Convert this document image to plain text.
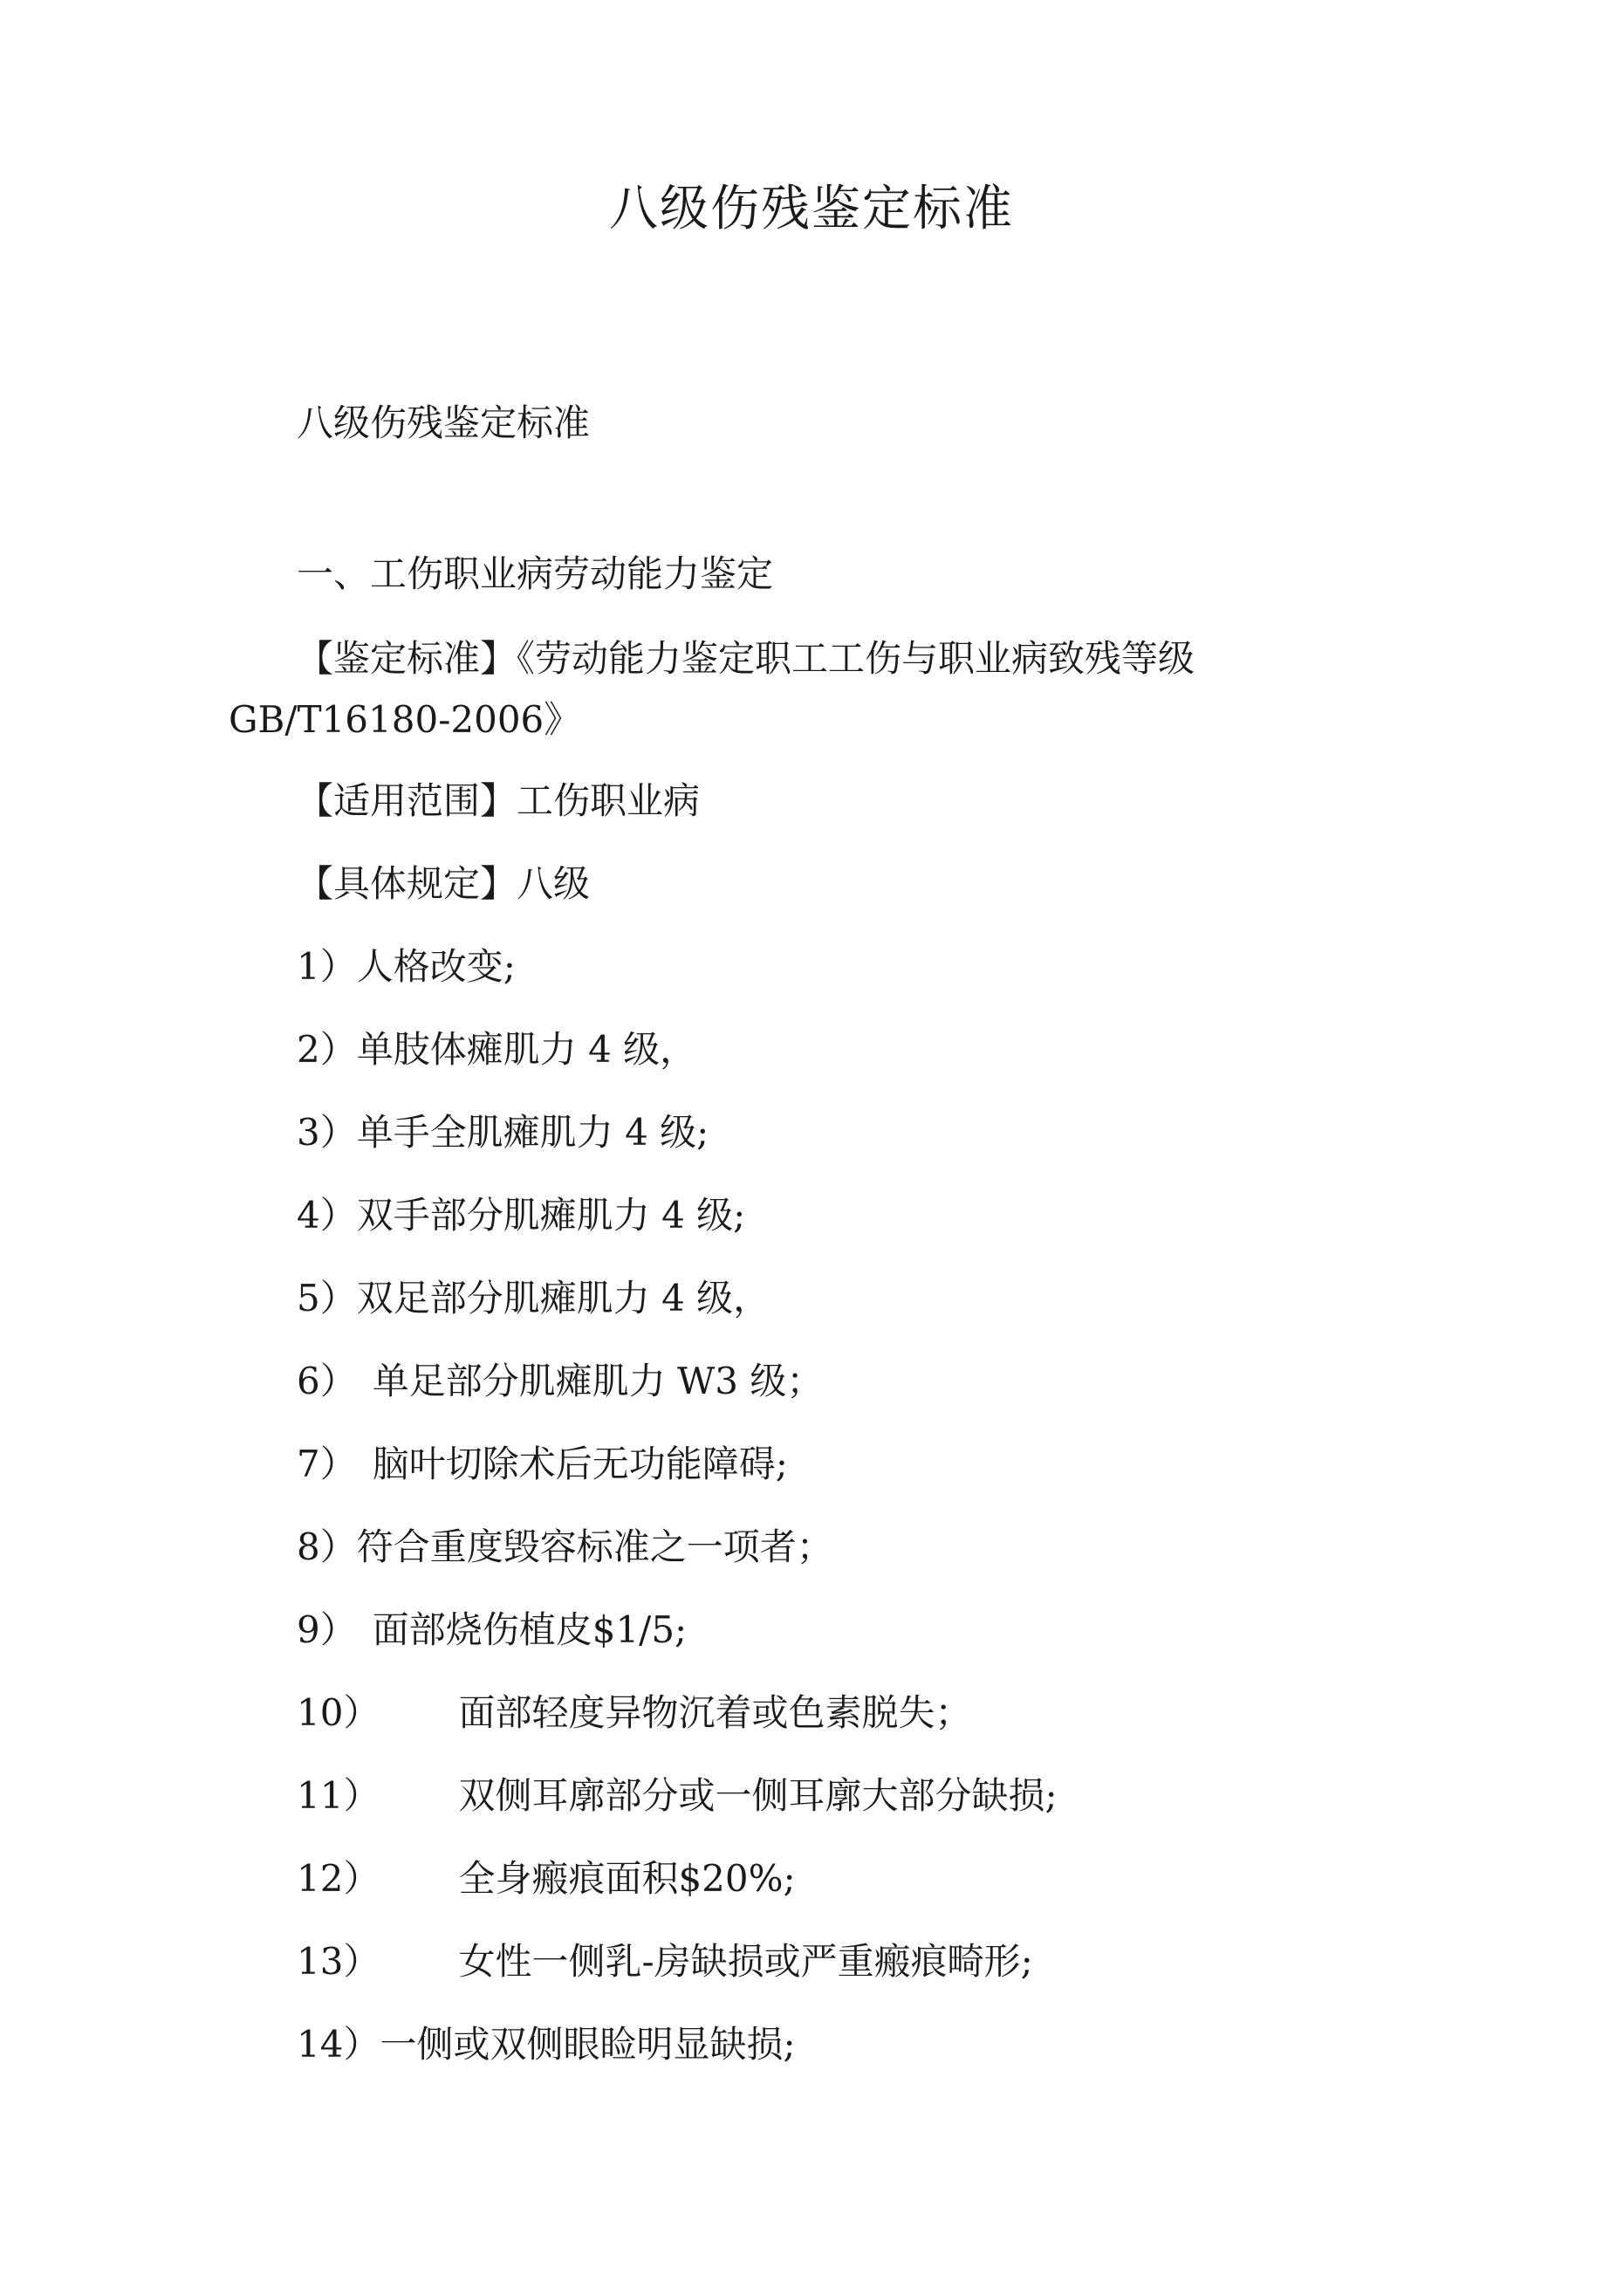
八级伤残鉴定标准
八级伤残鉴定标准
一、工伤职业病劳动能力鉴定
【鉴定标准】《劳动能力鉴定职工工伤与职业病致残等级
GB/T16180-2006》
【适用范围】工伤职业病
【具体规定】八级
1）人格改变;
2）单肢体瘫肌力 4 级，
3）单手全肌瘫肌力 4 级;
4）双手部分肌瘫肌力 4 级;
5）双足部分肌瘫肌力 4 级，
6） 单足部分肌瘫肌力 W3 级；
7） 脑叶切除术后无功能障碍;
8）符合重度毁容标准之一项者；
9） 面部烧伤植皮$1/5;
10） 面部轻度异物沉着或色素脱失；
11） 双侧耳廓部分或一侧耳廓大部分缺损;
12） 全身瘢痕面积$20%;
13） 女性一侧乳-房缺损或严重瘢痕畸形;
14）一侧或双侧眼睑明显缺损;
